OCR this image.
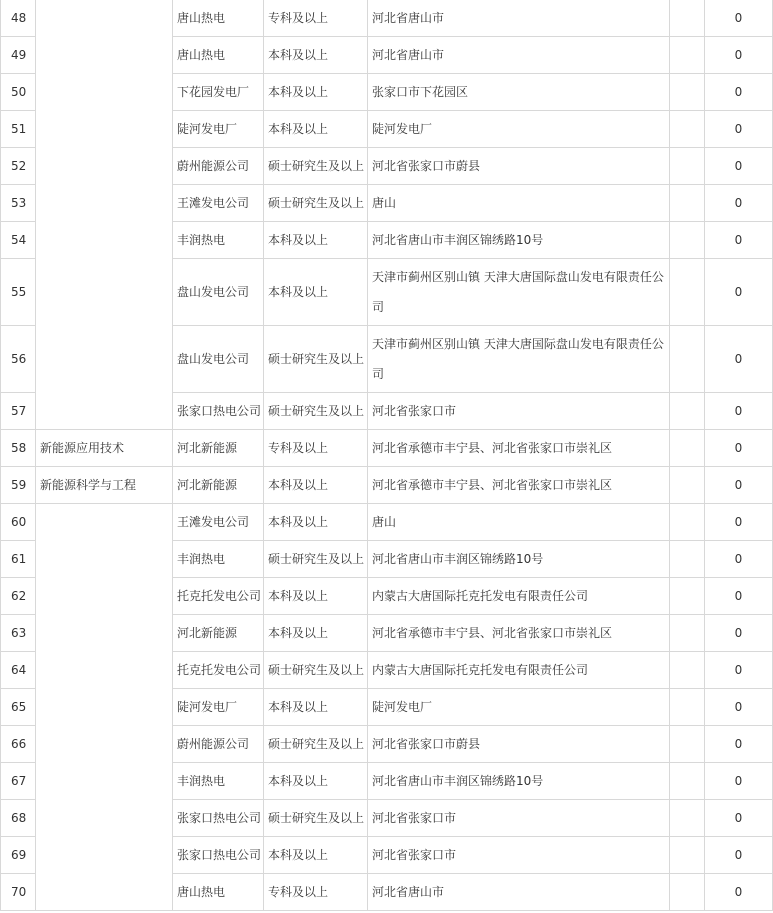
48		唐山热电	专科及以上	河北省唐山市		0
49		唐山热电	本科及以上	河北省唐山市		0
50		下花园发电厂	本科及以上	张家口市下花园区		0
51		陡河发电厂	本科及以上	陡河发电厂		0
52		蔚州能源公司	硕士研究生及以上	河北省张家口市蔚县		0
53		王滩发电公司	硕士研究生及以上	唐山		0
54		丰润热电	本科及以上	河北省唐山市丰润区锦绣路10号		0
55		盘山发电公司	本科及以上	天津市蓟州区别山镇 天津大唐国际盘山发电有限责任公司		0
56		盘山发电公司	硕士研究生及以上	天津市蓟州区别山镇 天津大唐国际盘山发电有限责任公司		0
57		张家口热电公司	硕士研究生及以上	河北省张家口市		0
58	新能源应用技术	河北新能源	专科及以上	河北省承德市丰宁县、河北省张家口市崇礼区		0
59	新能源科学与工程	河北新能源	本科及以上	河北省承德市丰宁县、河北省张家口市崇礼区		0
60		王滩发电公司	本科及以上	唐山		0
61		丰润热电	硕士研究生及以上	河北省唐山市丰润区锦绣路10号		0
62		托克托发电公司	本科及以上	内蒙古大唐国际托克托发电有限责任公司		0
63		河北新能源	本科及以上	河北省承德市丰宁县、河北省张家口市崇礼区		0
64		托克托发电公司	硕士研究生及以上	内蒙古大唐国际托克托发电有限责任公司		0
65		陡河发电厂	本科及以上	陡河发电厂		0
66		蔚州能源公司	硕士研究生及以上	河北省张家口市蔚县		0
67		丰润热电	本科及以上	河北省唐山市丰润区锦绣路10号		0
68		张家口热电公司	硕士研究生及以上	河北省张家口市		0
69		张家口热电公司	本科及以上	河北省张家口市		0
70		唐山热电	专科及以上	河北省唐山市		0
